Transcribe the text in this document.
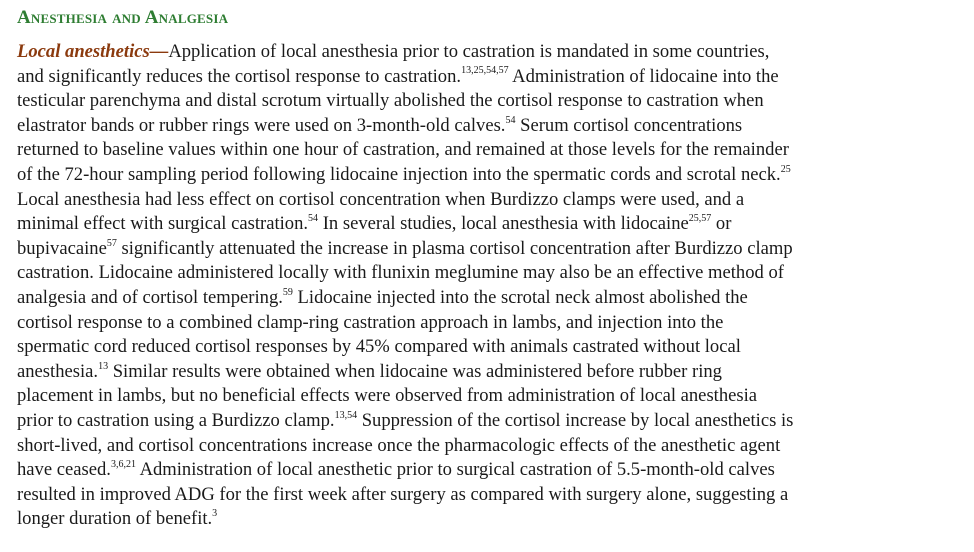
Anesthesia and Analgesia

Local anesthetics—Application of local anesthesia prior to castration is mandated in some countries,
and significantly reduces the cortisol response to castration.$^{13,25,54,57}$ Administration of lidocaine into the
testicular parenchyma and distal scrotum virtually abolished the cortisol response to castration when
elastrator bands or rubber rings were used on 3-month-old calves.$^{54}$ Serum cortisol concentrations
returned to baseline values within one hour of castration, and remained at those levels for the remainder
of the 72-hour sampling period following lidocaine injection into the spermatic cords and scrotal neck.$^{25}$
Local anesthesia had less effect on cortisol concentration when Burdizzo clamps were used, and a
minimal effect with surgical castration.$^{54}$ In several studies, local anesthesia with lidocaine$^{25,57}$ or
bupivacaine$^{57}$ significantly attenuated the increase in plasma cortisol concentration after Burdizzo clamp
castration. Lidocaine administered locally with flunixin meglumine may also be an effective method of
analgesia and of cortisol tempering.$^{59}$ Lidocaine injected into the scrotal neck almost abolished the
cortisol response to a combined clamp-ring castration approach in lambs, and injection into the
spermatic cord reduced cortisol responses by 45% compared with animals castrated without local
anesthesia.$^{13}$ Similar results were obtained when lidocaine was administered before rubber ring
placement in lambs, but no beneficial effects were observed from administration of local anesthesia
prior to castration using a Burdizzo clamp.$^{13,54}$ Suppression of the cortisol increase by local anesthetics is
short-lived, and cortisol concentrations increase once the pharmacologic effects of the anesthetic agent
have ceased.$^{3,6,21}$ Administration of local anesthetic prior to surgical castration of 5.5-month-old calves
resulted in improved ADG for the first week after surgery as compared with surgery alone, suggesting a
longer duration of benefit.$^3$
